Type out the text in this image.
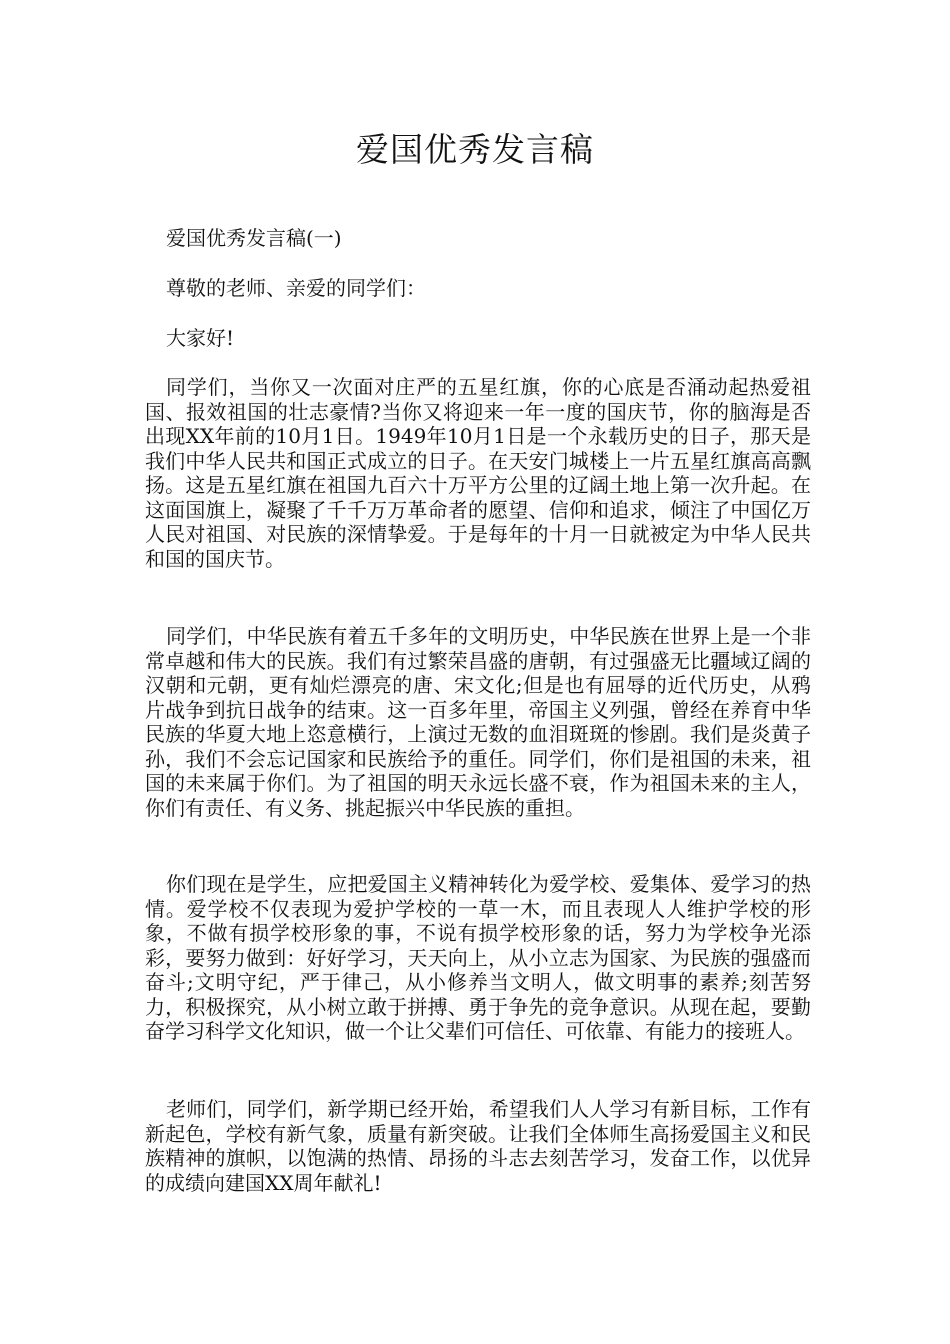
爱国优秀发言稿
爱国优秀发言稿(一)
尊敬的老师、亲爱的同学们：
大家好!

同学们，当你又一次面对庄严的五星红旗，你的心底是否涌动起热爱祖国、报效祖国的壮志豪情?当你又将迎来一年一度的国庆节，你的脑海是否出现XX年前的10月1日。1949年10月1日是一个永载历史的日子，那天是我们中华人民共和国正式成立的日子。在天安门城楼上一片五星红旗高高飘扬。这是五星红旗在祖国九百六十万平方公里的辽阔土地上第一次升起。在这面国旗上，凝聚了千千万万革命者的愿望、信仰和追求，倾注了中国亿万人民对祖国、对民族的深情挚爱。于是每年的十月一日就被定为中华人民共和国的国庆节。

同学们，中华民族有着五千多年的文明历史，中华民族在世界上是一个非常卓越和伟大的民族。我们有过繁荣昌盛的唐朝，有过强盛无比疆域辽阔的汉朝和元朝，更有灿烂漂亮的唐、宋文化;但是也有屈辱的近代历史，从鸦片战争到抗日战争的结束。这一百多年里，帝国主义列强，曾经在养育中华民族的华夏大地上恣意横行，上演过无数的血泪斑斑的惨剧。我们是炎黄子孙，我们不会忘记国家和民族给予的重任。同学们，你们是祖国的未来，祖国的未来属于你们。为了祖国的明天永远长盛不衰，作为祖国未来的主人，你们有责任、有义务、挑起振兴中华民族的重担。

你们现在是学生，应把爱国主义精神转化为爱学校、爱集体、爱学习的热情。爱学校不仅表现为爱护学校的一草一木，而且表现人人维护学校的形象，不做有损学校形象的事，不说有损学校形象的话，努力为学校争光添彩，要努力做到：好好学习，天天向上，从小立志为国家、为民族的强盛而奋斗;文明守纪，严于律己，从小修养当文明人，做文明事的素养;刻苦努力，积极探究，从小树立敢于拼搏、勇于争先的竞争意识。从现在起，要勤奋学习科学文化知识，做一个让父辈们可信任、可依靠、有能力的接班人。

老师们，同学们，新学期已经开始，希望我们人人学习有新目标，工作有新起色，学校有新气象，质量有新突破。让我们全体师生高扬爱国主义和民族精神的旗帜，以饱满的热情、昂扬的斗志去刻苦学习，发奋工作，以优异的成绩向建国XX周年献礼!
